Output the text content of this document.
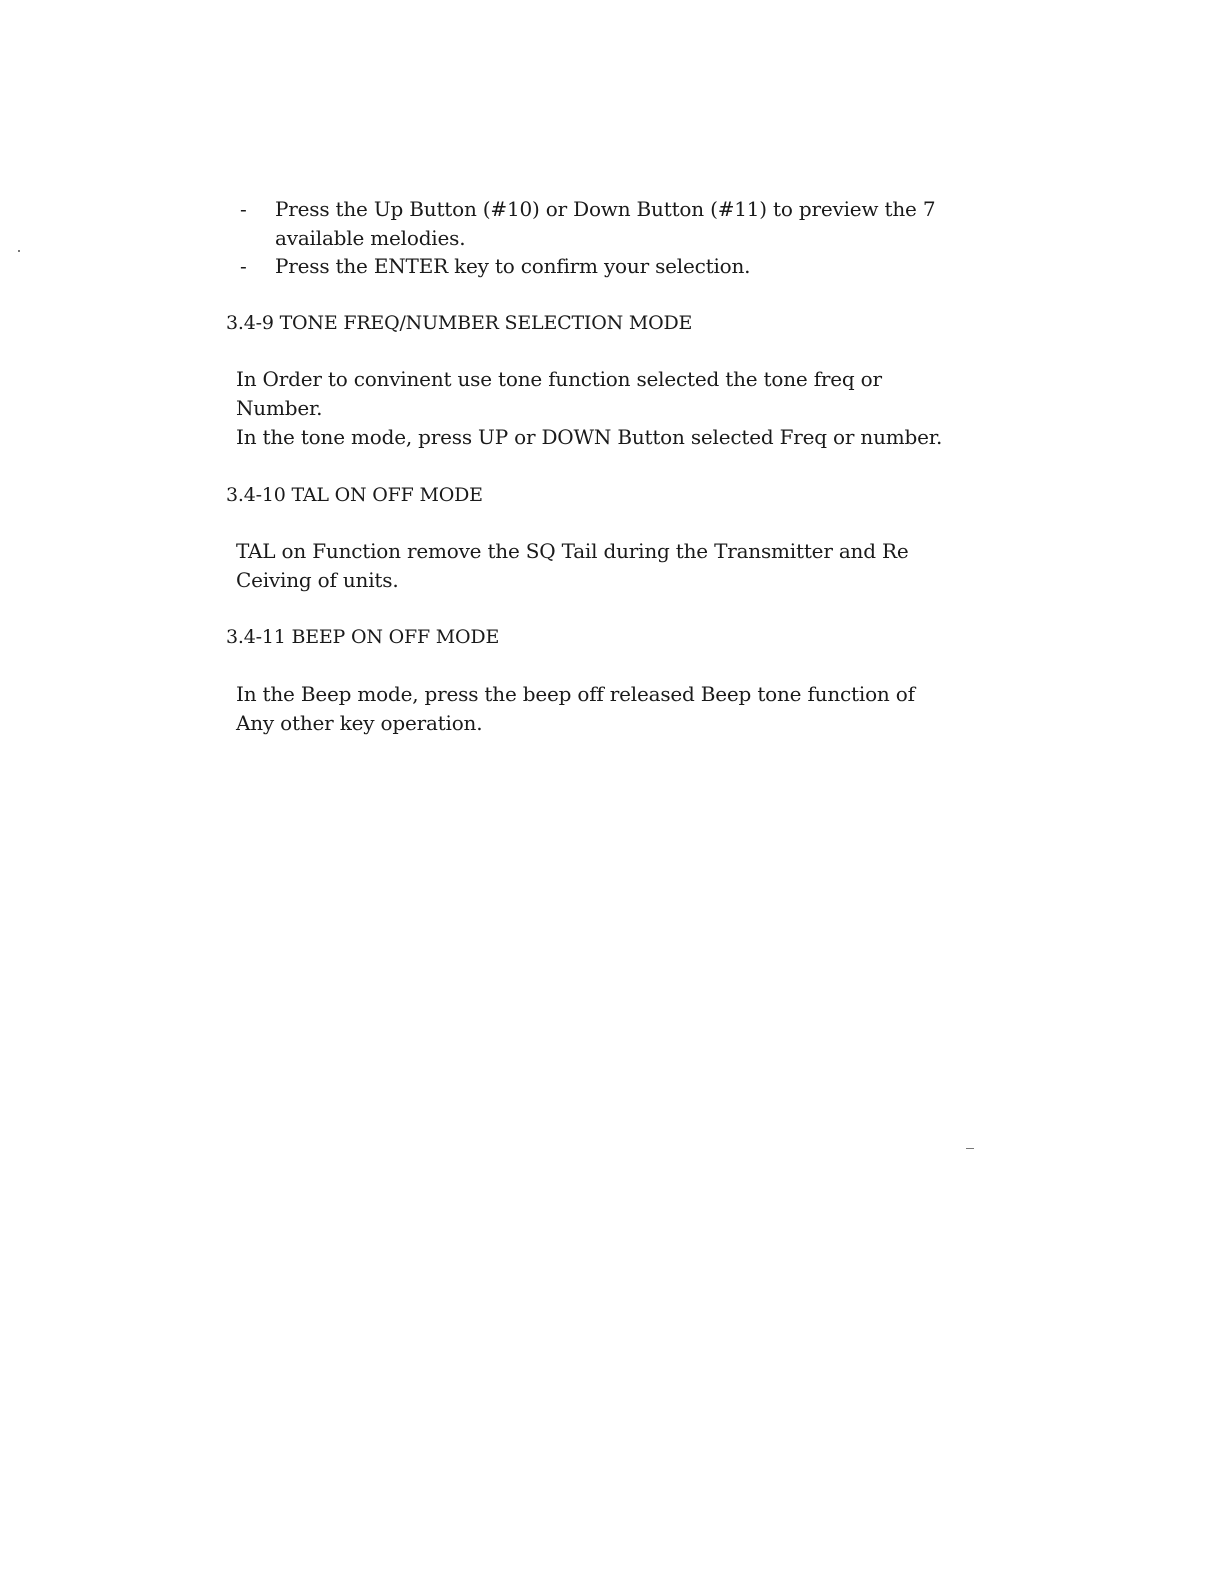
- Press the Up Button (#10) or Down Button (#11) to preview the 7
available melodies.
- Press the ENTER key to confirm your selection.
3.4-9 TONE FREQ/NUMBER SELECTION MODE
In Order to convinent use tone function selected the tone freq or
Number.
In the tone mode, press UP or DOWN Button selected Freq or number.
3.4-10 TAL ON OFF MODE
TAL on Function remove the SQ Tail during the Transmitter and Re
Ceiving of units.
3.4-11 BEEP ON OFF MODE
In the Beep mode, press the beep off released Beep tone function of
Any other key operation.
